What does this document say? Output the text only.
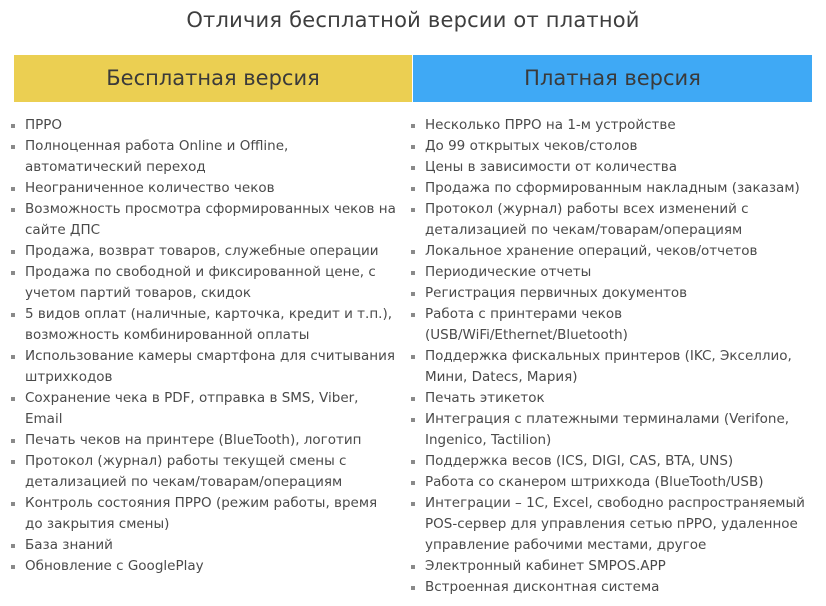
Отличия бесплатной версии от платной
Бесплатная версия	Платная версия
ПРРО
Полноценная работа Online и Offline, автоматический переход
Неограниченное количество чеков
Возможность просмотра сформированных чеков на сайте ДПС
Продажа, возврат товаров, служебные операции
Продажа по свободной и фиксированной цене, с учетом партий товаров, скидок
5 видов оплат (наличные, карточка, кредит и т.п.), возможность комбинированной оплаты
Использование камеры смартфона для считывания штрихкодов
Сохранение чека в PDF, отправка в SMS, Viber, Email
Печать чеков на принтере (BlueTooth), логотип
Протокол (журнал) работы текущей смены с детализацией по чекам/товарам/операциям
Контроль состояния ПРРО (режим работы, время до закрытия смены)
База знаний
Обновление с GooglePlay
Несколько ПРРО на 1-м устройстве
До 99 открытых чеков/столов
Цены в зависимости от количества
Продажа по сформированным накладным (заказам)
Протокол (журнал) работы всех изменений с детализацией по чекам/товарам/операциям
Локальное хранение операций, чеков/отчетов
Периодические отчеты
Регистрация первичных документов
Работа с принтерами чеков (USB/WiFi/Ethernet/Bluetooth)
Поддержка фискальных принтеров (IKC, Экселлио, Мини, Datecs, Мария)
Печать этикеток
Интеграция с платежными терминалами (Verifone, Ingenico, Tactilion)
Поддержка весов (ICS, DIGI, CAS, BTA, UNS)
Работа со сканером штрихкода (BlueTooth/USB)
Интеграции – 1С, Excel, свободно распространяемый POS-сервер для управления сетью пРРО, удаленное управление рабочими местами, другое
Электронный кабинет SMPOS.APP
Встроенная дисконтная система
